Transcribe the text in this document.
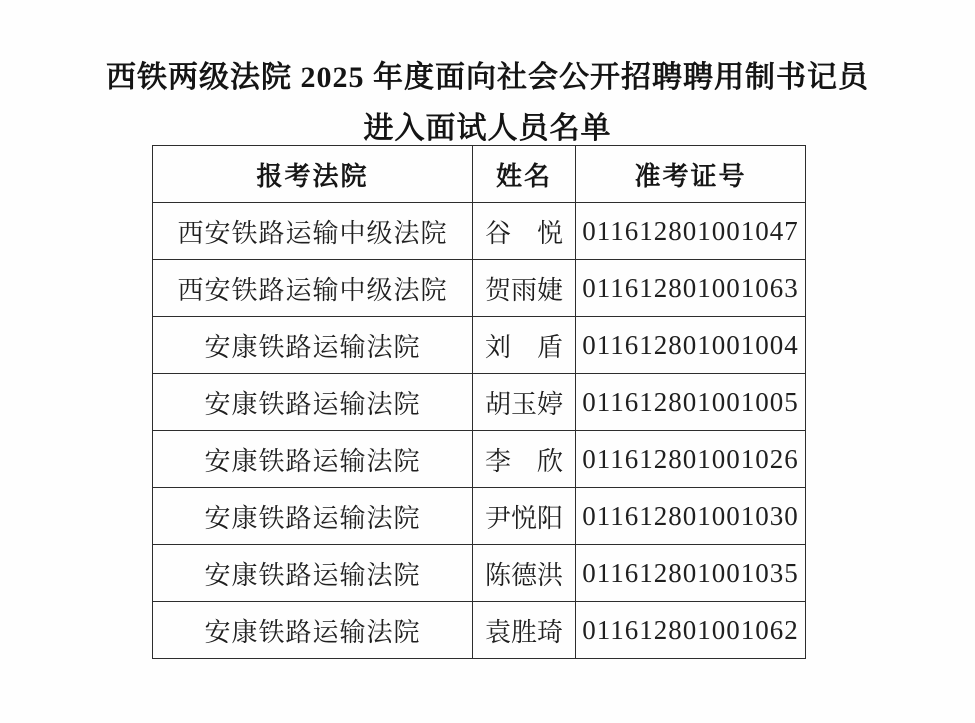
西铁两级法院 2025 年度面向社会公开招聘聘用制书记员
进入面试人员名单
报考法院	姓名	准考证号
西安铁路运输中级法院	谷　悦	011612801001047
西安铁路运输中级法院	贺雨婕	011612801001063
安康铁路运输法院	刘　盾	011612801001004
安康铁路运输法院	胡玉婷	011612801001005
安康铁路运输法院	李　欣	011612801001026
安康铁路运输法院	尹悦阳	011612801001030
安康铁路运输法院	陈德洪	011612801001035
安康铁路运输法院	袁胜琦	011612801001062
